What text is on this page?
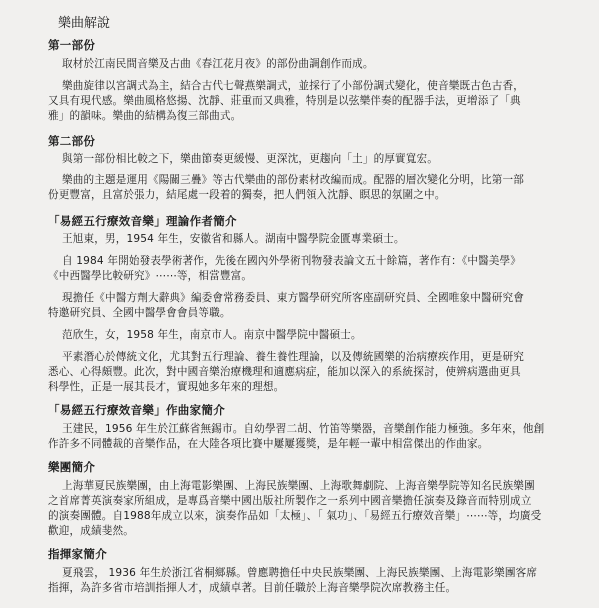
樂曲解說
第一部份
取材於江南民間音樂及古曲《春江花月夜》的部份曲調創作而成。
樂曲旋律以宮調式為主，結合古代七聲燕樂調式，並採行了小部份調式變化，使音樂既古色古香，
又具有現代感。樂曲風格悠揚、沈靜、莊重而又典雅，特別是以弦樂伴奏的配器手法，更增添了「典
雅」的韻味。樂曲的結構為復三部曲式。
第二部份
與第一部份相比較之下，樂曲節奏更緩慢、更深沈，更趨向「土」的厚實寬宏。
樂曲的主題是運用《陽關三疊》等古代樂曲的部份素材改編而成。配器的層次變化分明，比第一部
份更豐富，且富於張力，結尾處一段着的獨奏，把人們領入沈靜、瞑思的氛圍之中。
「易經五行療效音樂」理論作者簡介
王旭東，男，1954 年生，安徽省和縣人。湖南中醫學院金匱專業碩士。
自 1984 年開始發表學術著作，先後在國內外學術刊物發表論文五十餘篇，著作有：《中醫美學》
《中西醫學比較研究》⋯⋯等，相當豐富。
現擔任《中醫方劑大辭典》編委會常務委員、東方醫學研究所客座副研究員、全國唯象中醫研究會
特邀研究員、全國中醫學會會員等職。
范欣生，女，1958 年生，南京市人。南京中醫學院中醫碩士。
平素潛心於傳統文化，尤其對五行理論、養生養性理論，以及傳統國樂的治病療疾作用，更是研究
悉心、心得頗豐。此次，對中國音樂治療機理和適應病症，能加以深入的系統探討，使辨病選曲更具
科學性，正是一展其長才，實現她多年來的理想。
「易經五行療效音樂」作曲家簡介
王建民，1956 年生於江蘇省無錫市。自幼學習二胡、竹笛等樂器，音樂創作能力極強。多年來，他創
作許多不同體裁的音樂作品，在大陸各項比賽中屢屢獲獎，是年輕一輩中相當傑出的作曲家。
樂團簡介
上海華夏民族樂團，由上海電影樂團、上海民族樂團、上海歌舞劇院、上海音樂學院等知名民族樂團
之首席菁英演奏家所組成，是專爲音樂中國出版社所製作之一系列中國音樂擔任演奏及錄音而特別成立
的演奏團體。自1988年成立以來，演奏作品如「太極」、「 氣功」、「易經五行療效音樂」⋯⋯等，均廣受
歡迎，成績斐然。
指揮家簡介
夏飛雲， 1936 年生於浙江省桐鄉縣。曾應聘擔任中央民族樂團、上海民族樂團、上海電影樂團客席
指揮，為許多省市培訓指揮人才，成績卓著。目前任職於上海音樂學院次席教務主任。
